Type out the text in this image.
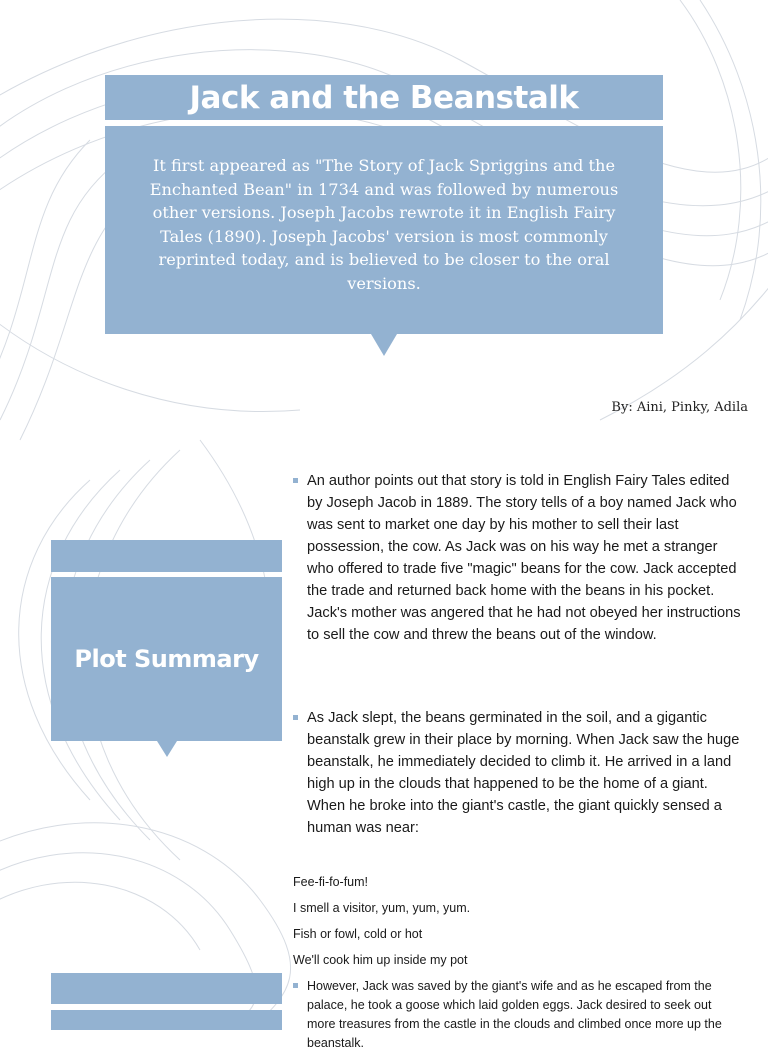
Jack and the Beanstalk
It first appeared as "The Story of Jack Spriggins and the Enchanted Bean" in 1734 and was followed by numerous other versions. Joseph Jacobs rewrote it in English Fairy Tales (1890). Joseph Jacobs' version is most commonly reprinted today, and is believed to be closer to the oral versions.
By: Aini, Pinky, Adila
Plot Summary
An author points out that story is told in English Fairy Tales edited by Joseph Jacob in 1889. The story tells of a boy named Jack who was sent to market one day by his mother to sell their last possession, the cow. As Jack was on his way he met a stranger who offered to trade five "magic" beans for the cow. Jack accepted the trade and returned back home with the beans in his pocket. Jack's mother was angered that he had not obeyed her instructions to sell the cow and threw the beans out of the window.
As Jack slept, the beans germinated in the soil, and a gigantic beanstalk grew in their place by morning. When Jack saw the huge beanstalk, he immediately decided to climb it. He arrived in a land high up in the clouds that happened to be the home of a giant. When he broke into the giant's castle, the giant quickly sensed a human was near:
Fee-fi-fo-fum!
I smell a visitor, yum, yum, yum.
Fish or fowl, cold or hot
We'll cook him up inside my pot
However, Jack was saved by the giant's wife and as he escaped from the palace, he took a goose which laid golden eggs. Jack desired to seek out more treasures from the castle in the clouds and climbed once more up the beanstalk.
